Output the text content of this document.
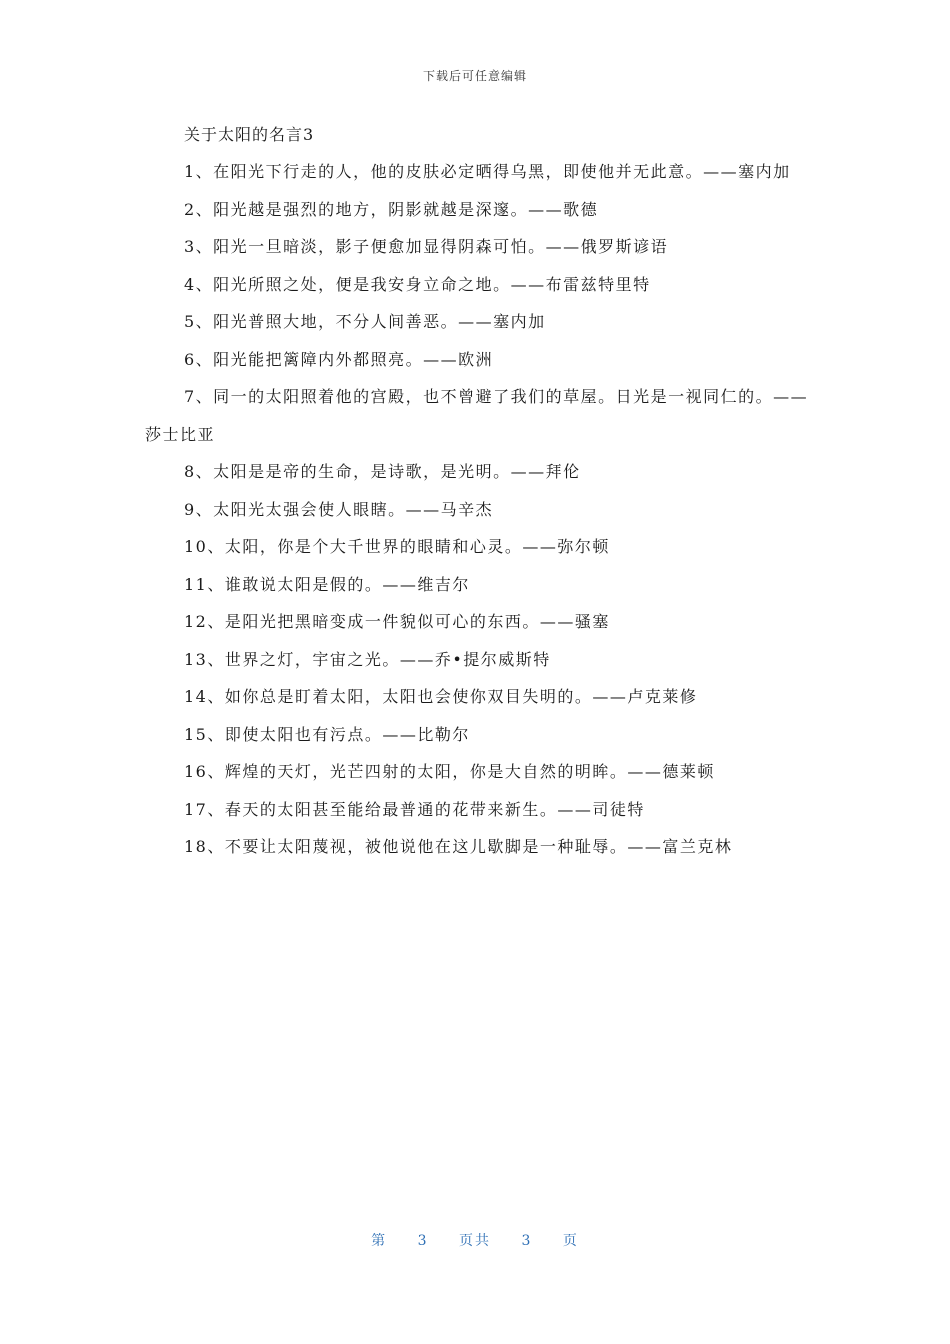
下载后可任意编辑
关于太阳的名言3

1、在阳光下行走的人，他的皮肤必定晒得乌黑，即使他并无此意。——塞内加

2、阳光越是强烈的地方，阴影就越是深邃。——歌德

3、阳光一旦暗淡，影子便愈加显得阴森可怕。——俄罗斯谚语

4、阳光所照之处，便是我安身立命之地。——布雷兹特里特

5、阳光普照大地，不分人间善恶。——塞内加

6、阳光能把篱障内外都照亮。——欧洲

7、同一的太阳照着他的宫殿，也不曾避了我们的草屋。日光是一视同仁的。——莎士比亚

8、太阳是是帝的生命，是诗歌，是光明。——拜伦

9、太阳光太强会使人眼瞎。——马辛杰

10、太阳，你是个大千世界的眼睛和心灵。——弥尔顿

11、谁敢说太阳是假的。——维吉尔

12、是阳光把黑暗变成一件貌似可心的东西。——骚塞

13、世界之灯，宇宙之光。——乔•提尔威斯特

14、如你总是盯着太阳，太阳也会使你双目失明的。——卢克莱修

15、即使太阳也有污点。——比勒尔

16、辉煌的天灯，光芒四射的太阳，你是大自然的明眸。——德莱顿

17、春天的太阳甚至能给最普通的花带来新生。——司徒特

18、不要让太阳蔑视，被他说他在这儿歇脚是一种耻辱。——富兰克林

第 3 页共 3 页
